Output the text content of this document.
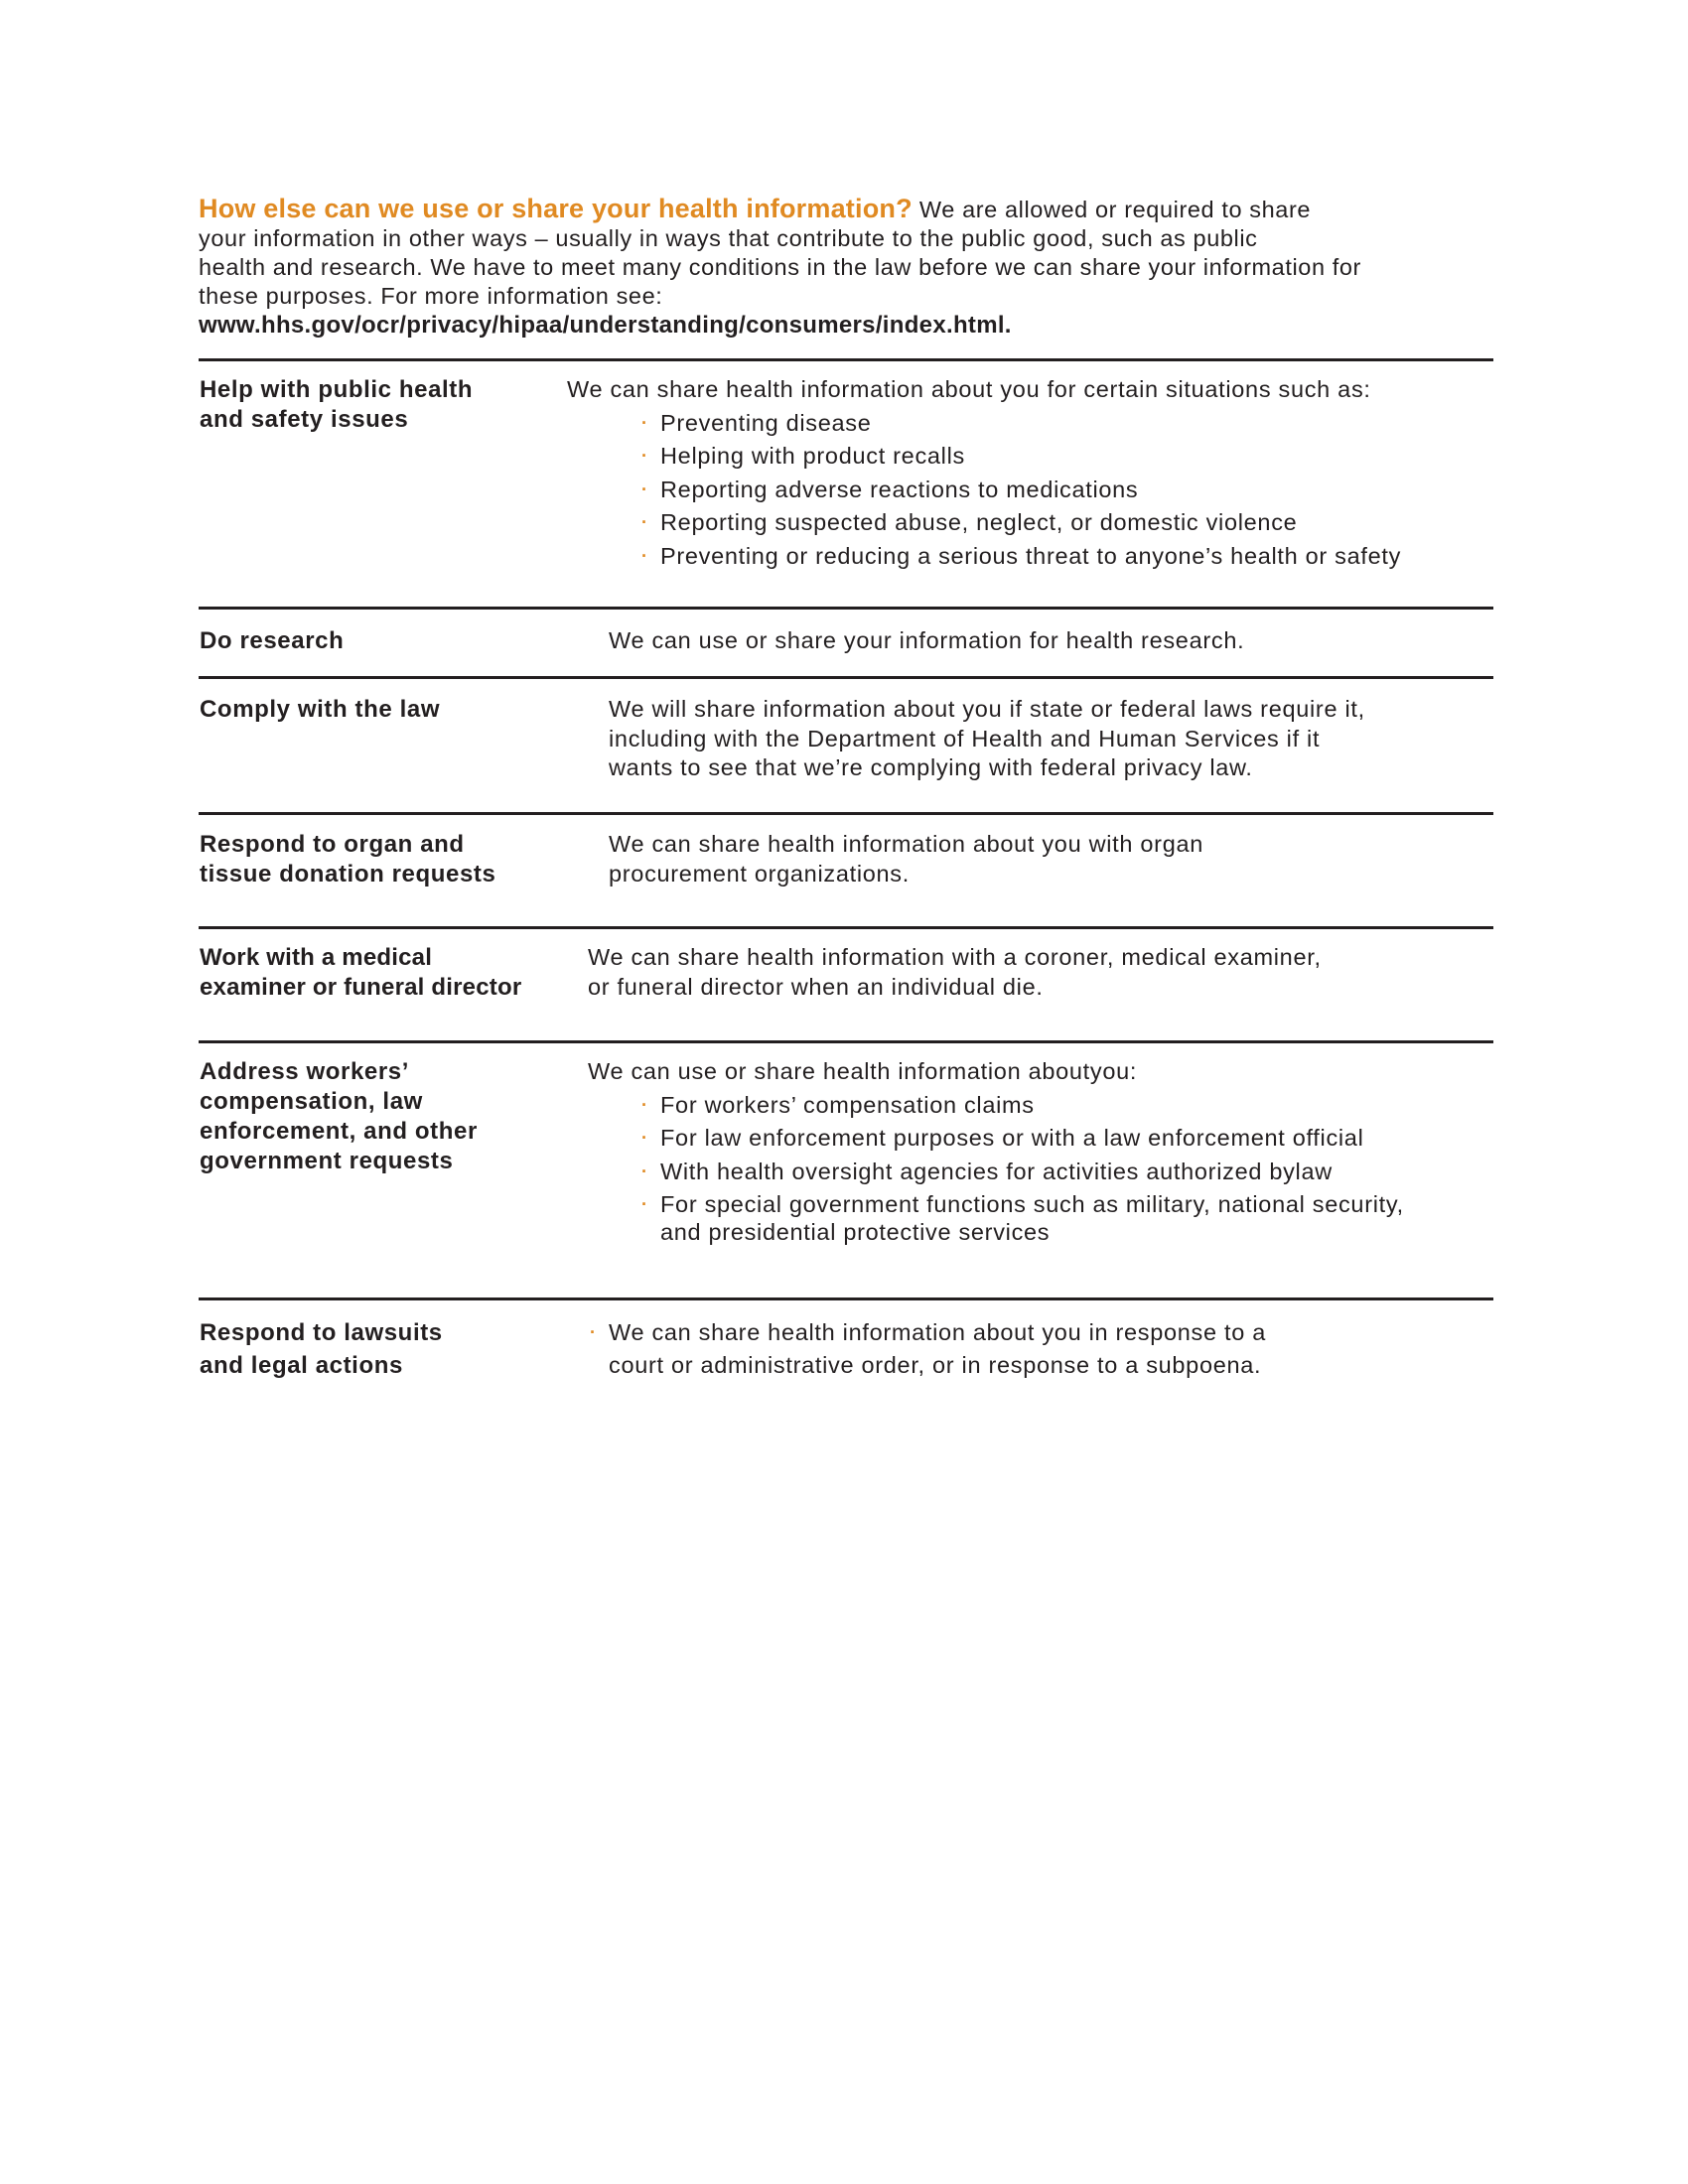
How else can we use or share your health information? We are allowed or required to share
your information in other ways – usually in ways that contribute to the public good, such as public
health and research. We have to meet many conditions in the law before we can share your information for
these purposes. For more information see:
www.hhs.gov/ocr/privacy/hipaa/understanding/consumers/index.html.
Help with public health
and safety issues
We can share health information about you for certain situations such as:
· Preventing disease
· Helping with product recalls
· Reporting adverse reactions to medications
· Reporting suspected abuse, neglect, or domestic violence
· Preventing or reducing a serious threat to anyone’s health or safety
Do research	We can use or share your information for health research.
Comply with the law	We will share information about you if state or federal laws require it,
including with the Department of Health and Human Services if it
wants to see that we’re complying with federal privacy law.
Respond to organ and
tissue donation requests
We can share health information about you with organ
procurement organizations.
Work with a medical
examiner or funeral director
We can share health information with a coroner, medical examiner,
or funeral director when an individual die.
Address workers’
compensation, law
enforcement, and other
government requests
We can use or share health information aboutyou:
· For workers’ compensation claims
· For law enforcement purposes or with a law enforcement official
· With health oversight agencies for activities authorized bylaw
· For special government functions such as military, national security, and presidential protective services
Respond to lawsuits
and legal actions
· We can share health information about you in response to a
court or administrative order, or in response to a subpoena.
